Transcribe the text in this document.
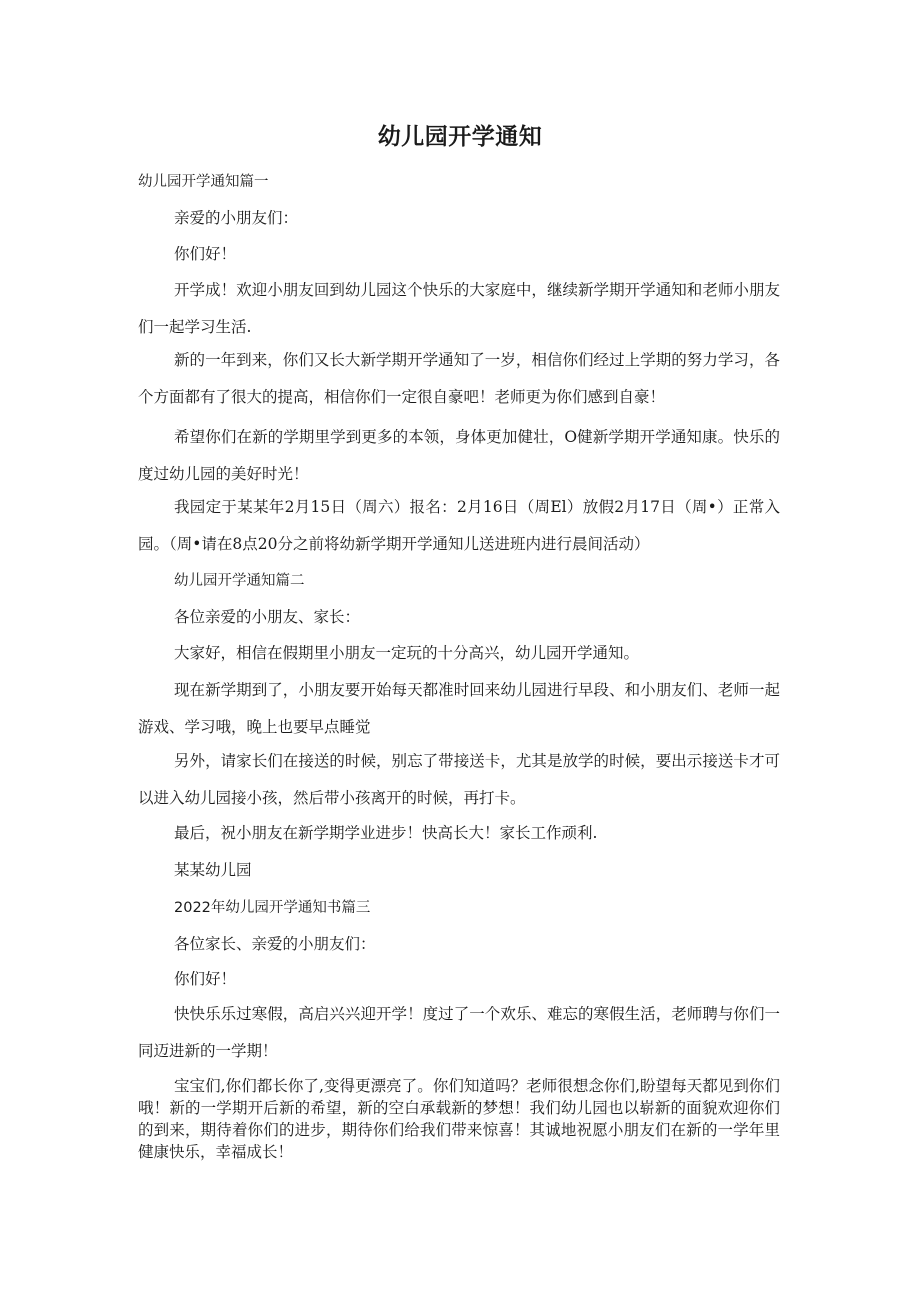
幼儿园开学通知

幼儿园开学通知篇一

亲爱的小朋友们：

你们好！

开学成！欢迎小朋友回到幼儿园这个快乐的大家庭中，继续新学期开学通知和老师小朋友们一起学习生活.

新的一年到来，你们又长大新学期开学通知了一岁，相信你们经过上学期的努力学习，各个方面都有了很大的提高，相信你们一定很自豪吧！老师更为你们感到自豪！

希望你们在新的学期里学到更多的本领，身体更加健壮，O健新学期开学通知康。快乐的度过幼儿园的美好时光！

我园定于某某年2月15日（周六）报名：2月16日（周El）放假2月17日（周•）正常入园。（周•请在8点20分之前将幼新学期开学通知儿送进班内进行晨间活动）

幼儿园开学通知篇二

各位亲爱的小朋友、家长：

大家好，相信在假期里小朋友一定玩的十分高兴，幼儿园开学通知。

现在新学期到了，小朋友要开始每天都准时回来幼儿园进行早段、和小朋友们、老师一起游戏、学习哦，晚上也要早点睡觉

另外，请家长们在接送的时候，别忘了带接送卡，尤其是放学的时候，要出示接送卡才可以进入幼儿园接小孩，然后带小孩离开的时候，再打卡。

最后，祝小朋友在新学期学业进步！快高长大！家长工作顽利.

某某幼儿园

2022年幼儿园开学通知书篇三

各位家长、亲爱的小朋友们：

你们好！

快快乐乐过寒假，高启兴兴迎开学！度过了一个欢乐、难忘的寒假生活，老师聘与你们一同迈进新的一学期！

宝宝们,你们都长你了,变得更漂亮了。你们知道吗？老师很想念你们,盼望每天都见到你们哦！新的一学期开后新的希望，新的空白承载新的梦想！我们幼儿园也以崭新的面貌欢迎你们的到来，期待着你们的进步，期待你们给我们带来惊喜！其诚地祝愿小朋友们在新的一学年里健康快乐，幸福成长！
